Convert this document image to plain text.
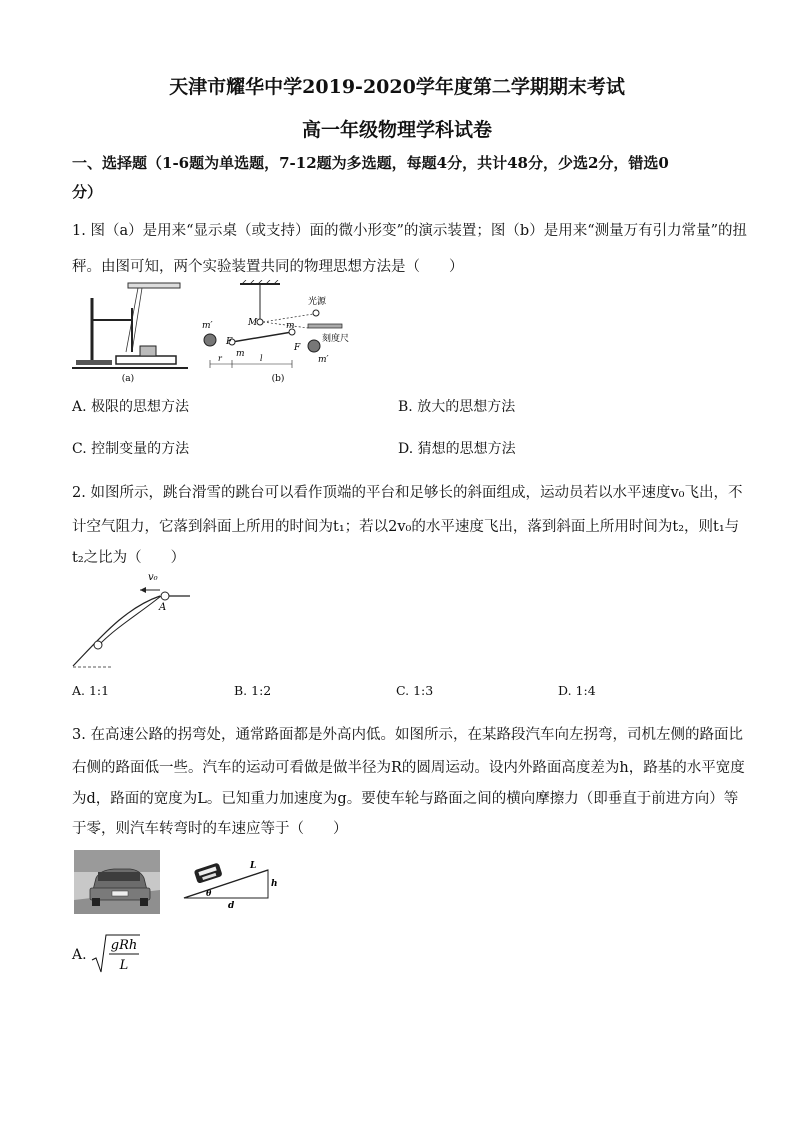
天津市耀华中学2019-2020学年度第二学期期末考试
高一年级物理学科试卷
一、选择题（1-6题为单选题，7-12题为多选题，每题4分，共计48分，少选2分，错选0
分）
1. 图（a）是用来“显示桌（或支持）面的微小形变”的演示装置；图（b）是用来“测量万有引力常量”的扭
秤。由图可知，两个实验装置共同的物理思想方法是（　　）
(a)
M
光源
刻度尺
m′
m′
m
m
F
F
r	l
(b)
A. 极限的思想方法	B. 放大的思想方法
C. 控制变量的方法	D. 猜想的思想方法
2. 如图所示，跳台滑雪的跳台可以看作顶端的平台和足够长的斜面组成，运动员若以水平速度v₀飞出，不
计空气阻力，它落到斜面上所用的时间为t₁；若以2v₀的水平速度飞出，落到斜面上所用时间为t₂，则t₁与
t₂之比为（　　）
v₀
A
A. 1:1	B. 1:2	C. 1:3	D. 1:4
3. 在高速公路的拐弯处，通常路面都是外高内低。如图所示，在某路段汽车向左拐弯，司机左侧的路面比
右侧的路面低一些。汽车的运动可看做是做半径为R的圆周运动。设内外路面高度差为h，路基的水平宽度
为d，路面的宽度为L。已知重力加速度为g。要使车轮与路面之间的横向摩擦力（即垂直于前进方向）等
于零，则汽车转弯时的车速应等于（　　）
L
h
d
θ
A.
gRh
L
